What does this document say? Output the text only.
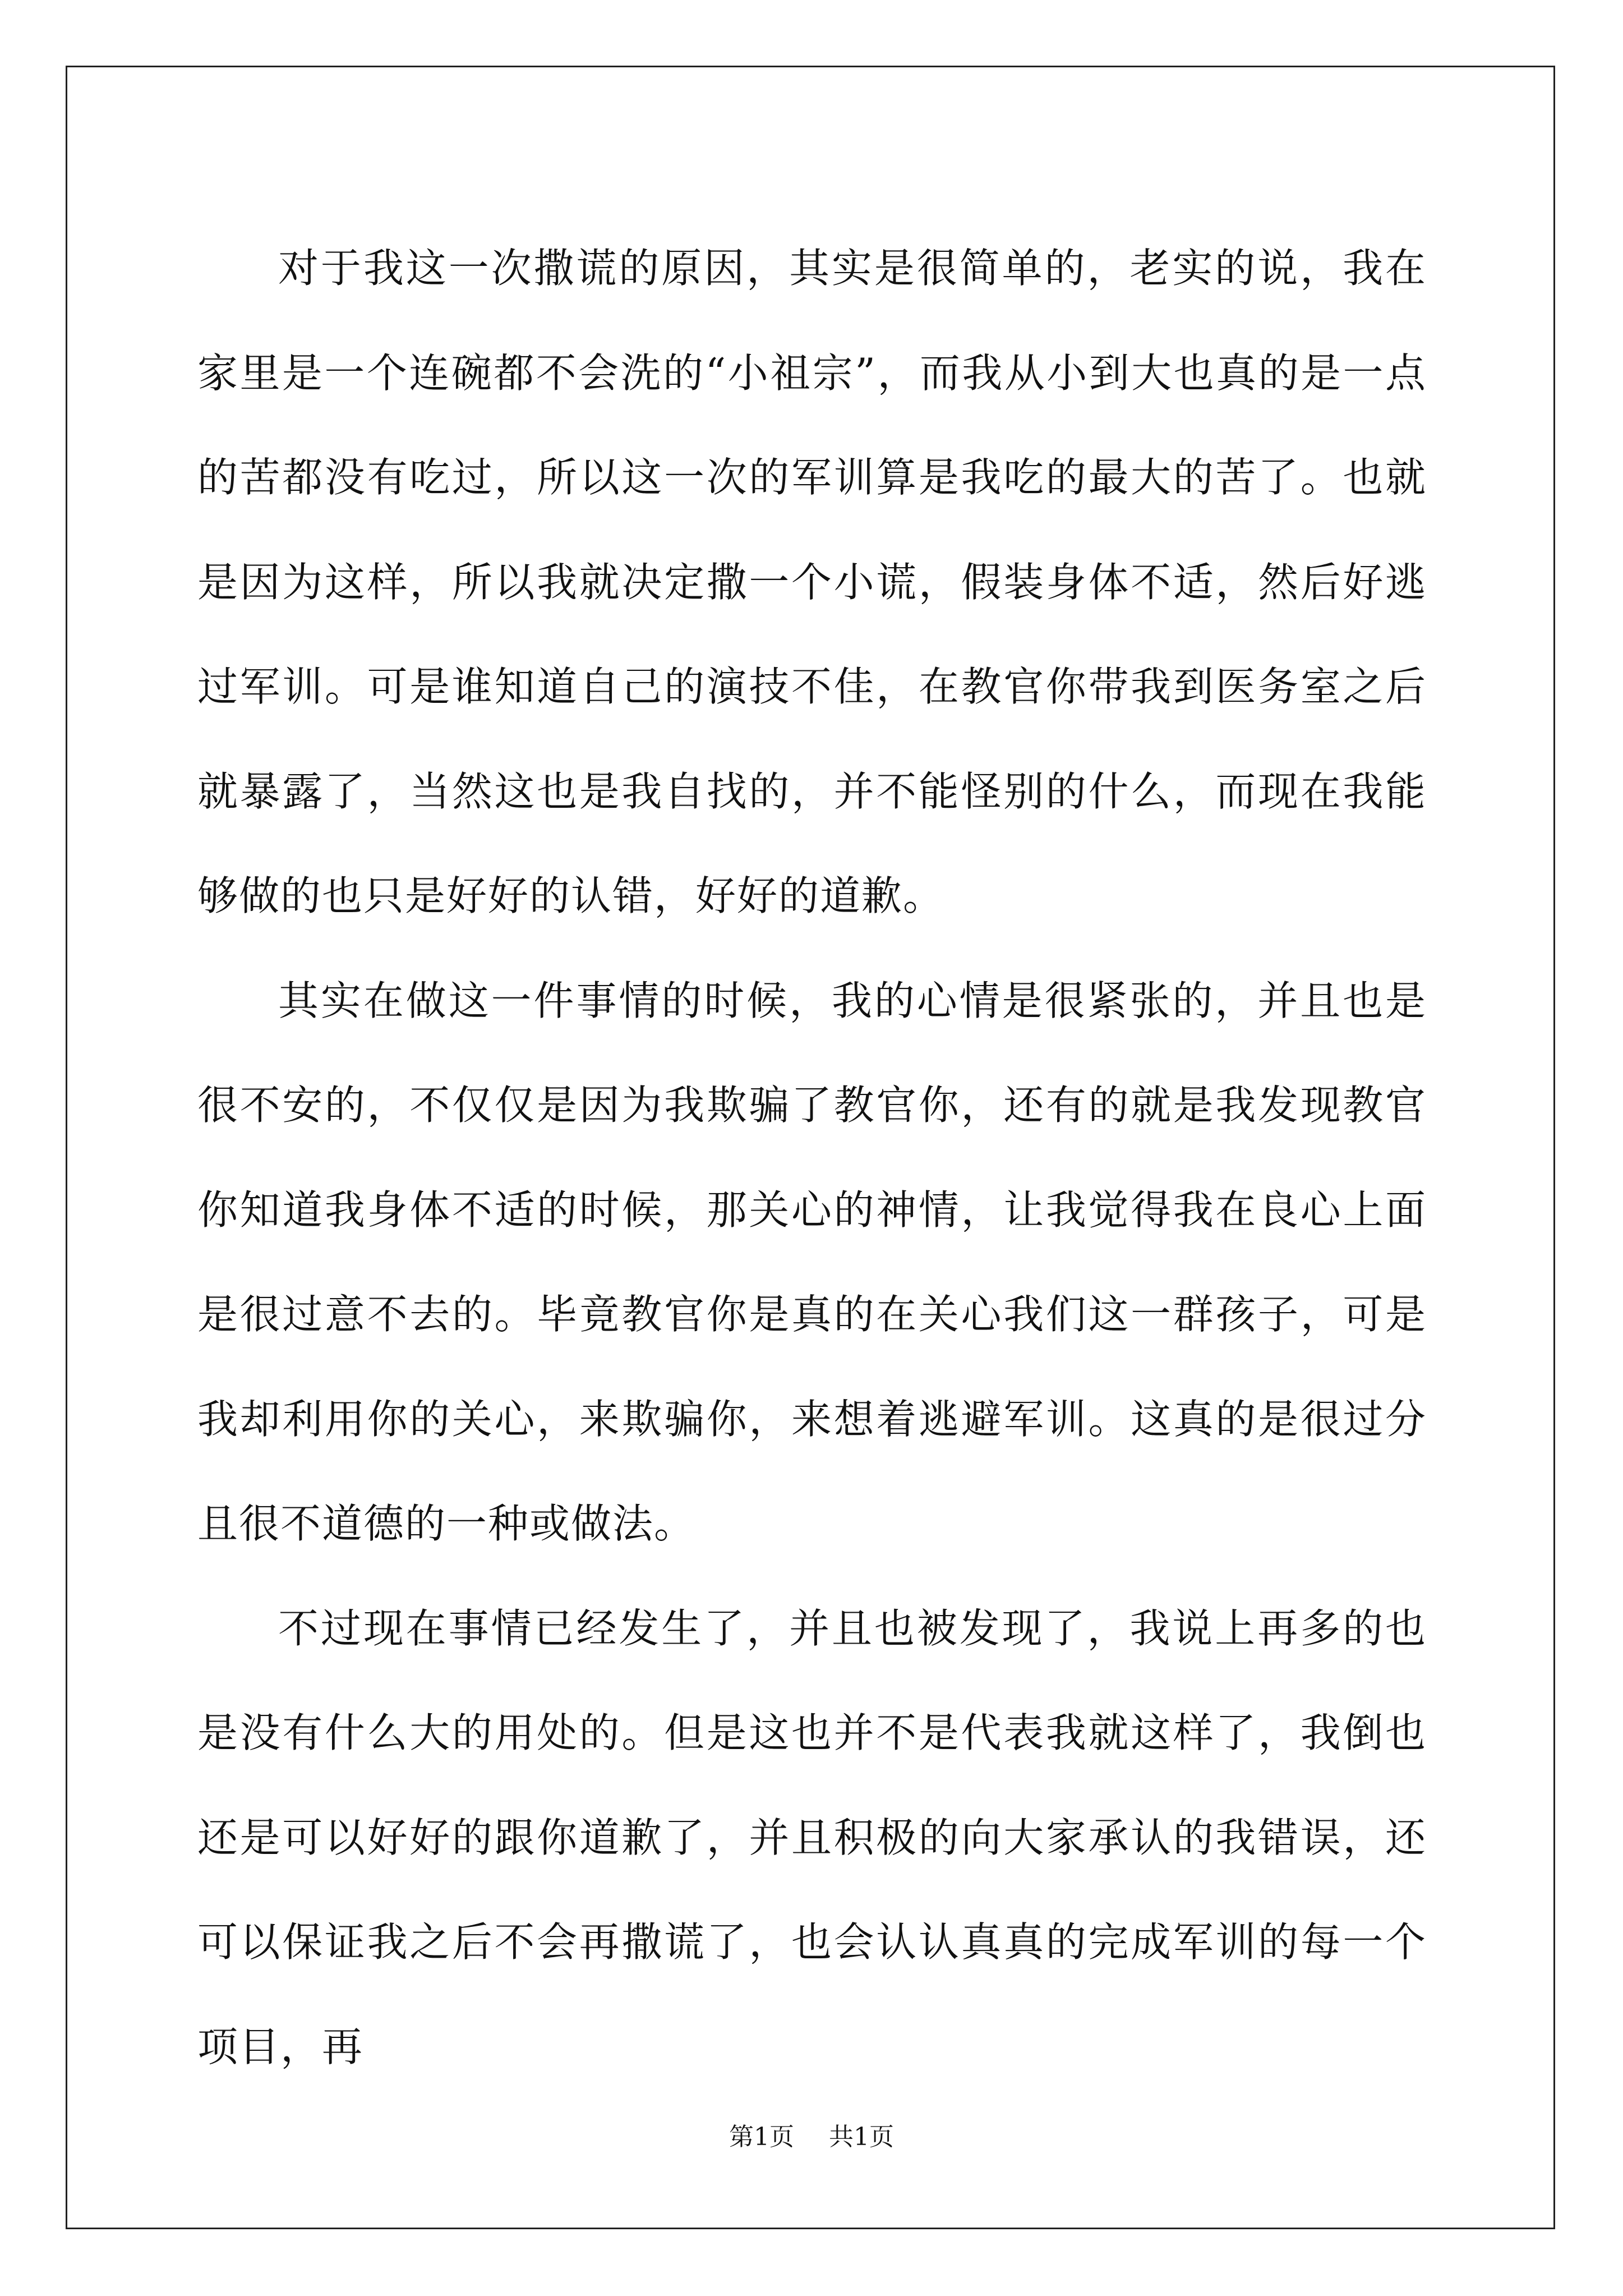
对于我这一次撒谎的原因，其实是很简单的，老实的说，我在家里是一个连碗都不会洗的“小祖宗”，而我从小到大也真的是一点的苦都没有吃过，所以这一次的军训算是我吃的最大的苦了。也就是因为这样，所以我就决定撒一个小谎，假装身体不适，然后好逃过军训。可是谁知道自己的演技不佳，在教官你带我到医务室之后就暴露了，当然这也是我自找的，并不能怪别的什么，而现在我能够做的也只是好好的认错，好好的道歉。

其实在做这一件事情的时候，我的心情是很紧张的，并且也是很不安的，不仅仅是因为我欺骗了教官你，还有的就是我发现教官你知道我身体不适的时候，那关心的神情，让我觉得我在良心上面是很过意不去的。毕竟教官你是真的在关心我们这一群孩子，可是我却利用你的关心，来欺骗你，来想着逃避军训。这真的是很过分且很不道德的一种或做法。

不过现在事情已经发生了，并且也被发现了，我说上再多的也是没有什么大的用处的。但是这也并不是代表我就这样了，我倒也还是可以好好的跟你道歉了，并且积极的向大家承认的我错误，还可以保证我之后不会再撒谎了，也会认认真真的完成军训的每一个项目，再

第1页 共1页
